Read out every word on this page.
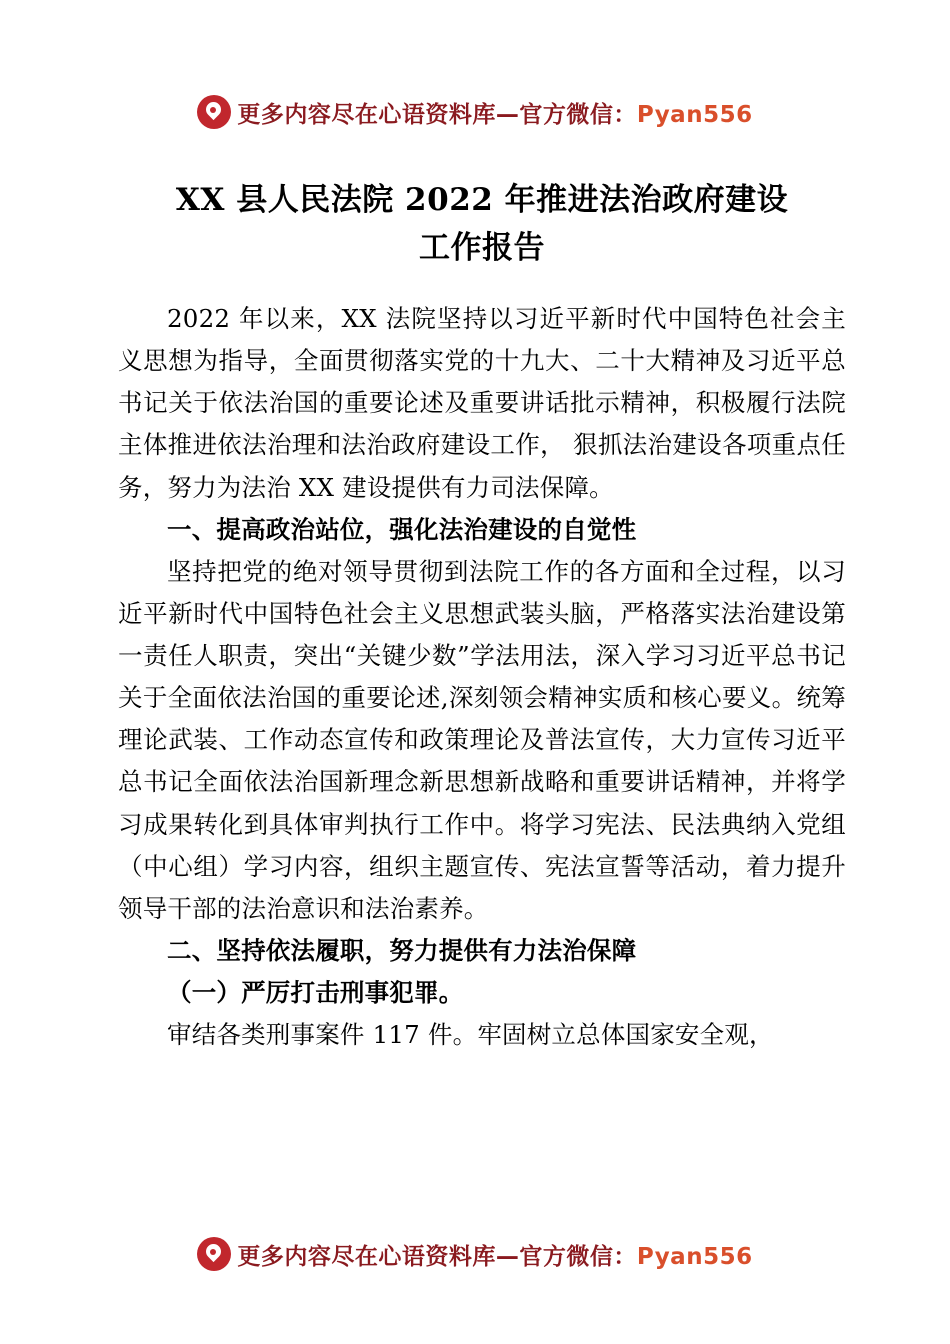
更多内容尽在心语资料库—官方微信：Pyan556
XX 县人民法院 2022 年推进法治政府建设
工作报告

2022 年以来，XX 法院坚持以习近平新时代中国特色社会主义思想为指导，全面贯彻落实党的十九大、二十大精神及习近平总书记关于依法治国的重要论述及重要讲话批示精神，积极履行法院主体推进依法治理和法治政府建设工作， 狠抓法治建设各项重点任务，努力为法治 XX 建设提供有力司法保障。

一、提高政治站位，强化法治建设的自觉性

坚持把党的绝对领导贯彻到法院工作的各方面和全过程，以习近平新时代中国特色社会主义思想武装头脑，严格落实法治建设第一责任人职责，突出“关键少数”学法用法，深入学习习近平总书记关于全面依法治国的重要论述,深刻领会精神实质和核心要义。统筹理论武装、工作动态宣传和政策理论及普法宣传，大力宣传习近平总书记全面依法治国新理念新思想新战略和重要讲话精神，并将学习成果转化到具体审判执行工作中。将学习宪法、民法典纳入党组（中心组）学习内容，组织主题宣传、宪法宣誓等活动，着力提升领导干部的法治意识和法治素养。

二、坚持依法履职，努力提供有力法治保障

（一）严厉打击刑事犯罪。

审结各类刑事案件 117 件。牢固树立总体国家安全观，

更多内容尽在心语资料库—官方微信：Pyan556
